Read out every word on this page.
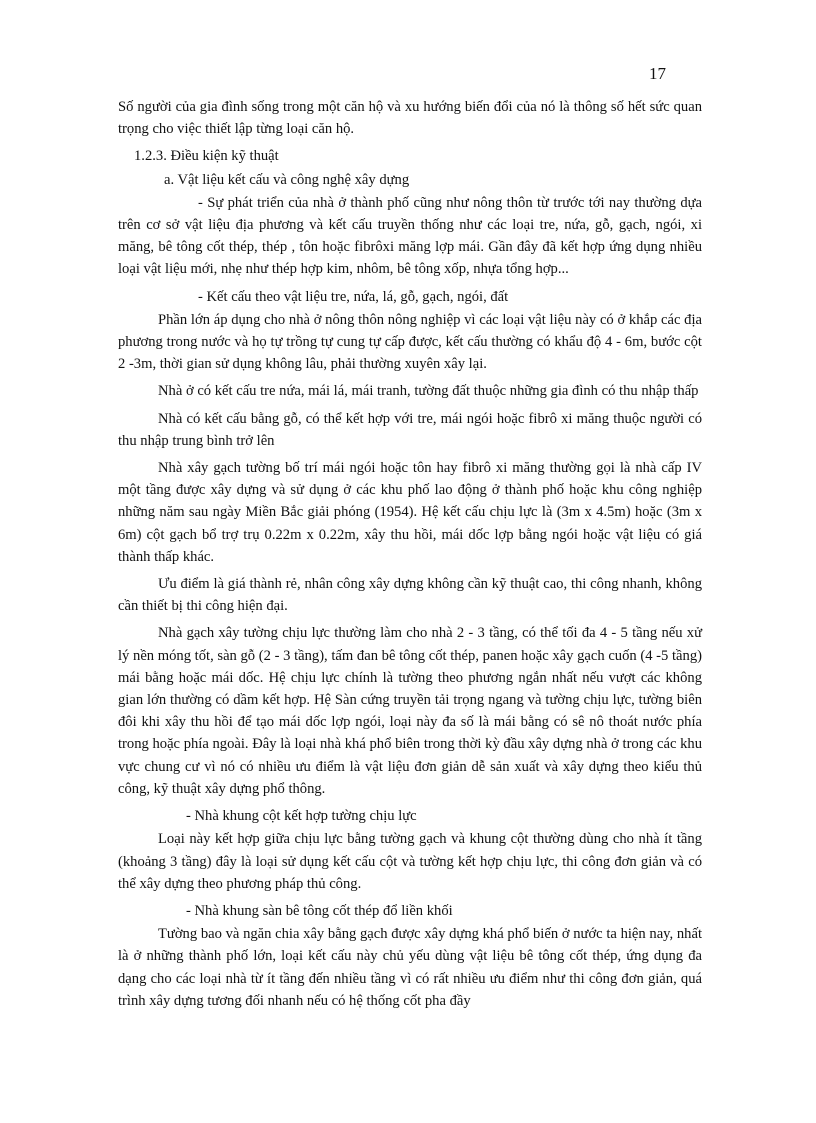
17

Số người của gia đình sống trong một căn hộ và xu hướng biến đổi của nó là thông số hết sức quan trọng cho việc thiết lập từng loại căn hộ.

1.2.3. Điều kiện kỹ thuật
a. Vật liệu kết cấu và công nghệ xây dựng

- Sự phát triển của nhà ở thành phố cũng như nông thôn từ trước tới nay thường dựa trên cơ sở vật liệu địa phương và kết cấu truyền thống như các loại tre, nứa, gỗ, gạch, ngói, xi măng, bê tông cốt thép, thép , tôn hoặc fibrôxi măng lợp mái. Gần đây đã kết hợp ứng dụng nhiều loại vật liệu mới, nhẹ như thép hợp kim, nhôm, bê tông xốp, nhựa tổng hợp...

- Kết cấu theo vật liệu tre, nứa, lá, gỗ, gạch, ngói, đất

Phần lớn áp dụng cho nhà ở nông thôn nông nghiệp vì các loại vật liệu này có ở khắp các địa phương trong nước và họ tự trồng tự cung tự cấp được, kết cấu thường có khẩu độ 4 - 6m, bước cột 2 -3m, thời gian sử dụng không lâu, phải thường xuyên xây lại.

Nhà ở có kết cấu tre nứa, mái lá, mái tranh, tường đất thuộc những gia đình có thu nhập thấp

Nhà có kết cấu bằng gỗ, có thể kết hợp với tre, mái ngói hoặc fibrô xi măng thuộc người có thu nhập trung bình trở lên

Nhà xây gạch tường bố trí mái ngói hoặc tôn hay fibrô xi măng thường gọi là nhà cấp IV một tầng được xây dựng và sử dụng ở các khu phố lao động ở thành phố hoặc khu công nghiệp những năm sau ngày Miền Bắc giải phóng (1954). Hệ kết cấu chịu lực là (3m x 4.5m) hoặc (3m x 6m) cột gạch bổ trợ trụ 0.22m x 0.22m, xây thu hồi, mái dốc lợp bằng ngói hoặc vật liệu có giá thành thấp khác.

Ưu điểm là giá thành rẻ, nhân công xây dựng không cần kỹ thuật cao, thi công nhanh, không cần thiết bị thi công hiện đại.

Nhà gạch xây tường chịu lực thường làm cho nhà 2 - 3 tầng, có thể tối đa 4 - 5 tầng nếu xử lý nền móng tốt, sàn gỗ (2 - 3 tầng), tấm đan bê tông cốt thép, panen hoặc xây gạch cuốn (4 -5 tầng) mái bằng hoặc mái dốc. Hệ chịu lực chính là tường theo phương ngắn nhất nếu vượt các không gian lớn thường có dầm kết hợp. Hệ Sàn cứng truyền tải trọng ngang và tường chịu lực, tường biên đôi khi xây thu hồi để tạo mái dốc lợp ngói, loại này đa số là mái bằng có sê nô thoát nước phía trong hoặc phía ngoài. Đây là loại nhà khá phổ biên trong thời kỳ đầu xây dựng nhà ở trong các khu vực chung cư vì nó có nhiều ưu điểm là vật liệu đơn giản dễ sản xuất và xây dựng theo kiểu thủ công, kỹ thuật xây dựng phổ thông.

- Nhà khung cột kết hợp tường chịu lực

Loại này kết hợp giữa chịu lực bằng tường gạch và khung cột thường dùng cho nhà ít tầng (khoảng 3 tầng) đây là loại sử dụng kết cấu cột và tường kết hợp chịu lực, thi công đơn giản và có thể xây dựng theo phương pháp thủ công.

- Nhà khung sàn bê tông cốt thép đổ liền khối

Tường bao và ngăn chia xây bằng gạch được xây dựng khá phổ biến ở nước ta hiện nay, nhất là ở những thành phố lớn, loại kết cấu này chủ yếu dùng vật liệu bê tông cốt thép, ứng dụng đa dạng cho các loại nhà từ ít tầng đến nhiều tầng vì có rất nhiều ưu điểm như thi công đơn giản, quá trình xây dựng tương đối nhanh nếu có hệ thống cốt pha đầy
